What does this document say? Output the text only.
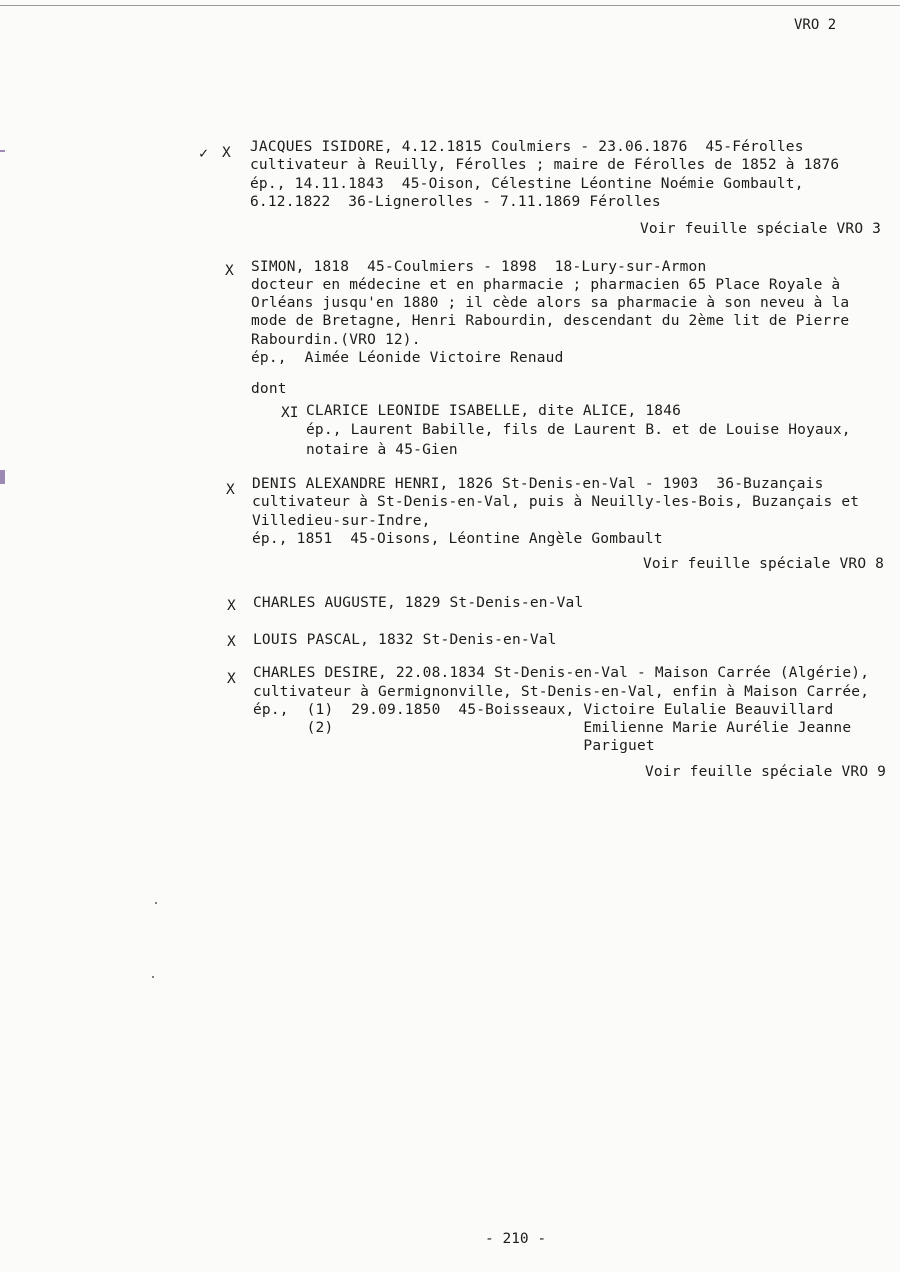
VRO 2
✓ X JACQUES ISIDORE, 4.12.1815 Coulmiers - 23.06.1876  45-Férolles
cultivateur à Reuilly, Férolles ; maire de Férolles de 1852 à 1876
ép., 14.11.1843  45-Oison, Célestine Léontine Noémie Gombault,
6.12.1822  36-Lignerolles - 7.11.1869 Férolles
Voir feuille spéciale VRO 3
X SIMON, 1818  45-Coulmiers - 1898  18-Lury-sur-Armon
docteur en médecine et en pharmacie ; pharmacien 65 Place Royale à
Orléans jusqu'en 1880 ; il cède alors sa pharmacie à son neveu à la
mode de Bretagne, Henri Rabourdin, descendant du 2ème lit de Pierre
Rabourdin.(VRO 12).
ép.,  Aimée Léonide Victoire Renaud
dont
XI CLARICE LEONIDE ISABELLE, dite ALICE, 1846
ép., Laurent Babille, fils de Laurent B. et de Louise Hoyaux,
notaire à 45-Gien
X DENIS ALEXANDRE HENRI, 1826 St-Denis-en-Val - 1903  36-Buzançais
cultivateur à St-Denis-en-Val, puis à Neuilly-les-Bois, Buzançais et
Villedieu-sur-Indre,
ép., 1851  45-Oisons, Léontine Angèle Gombault
Voir feuille spéciale VRO 8
X CHARLES AUGUSTE, 1829 St-Denis-en-Val
X LOUIS PASCAL, 1832 St-Denis-en-Val
X CHARLES DESIRE, 22.08.1834 St-Denis-en-Val - Maison Carrée (Algérie),
cultivateur à Germignonville, St-Denis-en-Val, enfin à Maison Carrée,
ép.,  (1)  29.09.1850  45-Boisseaux, Victoire Eulalie Beauvillard
(2)                            Emilienne Marie Aurélie Jeanne
Pariguet
Voir feuille spéciale VRO 9
- 210 -
